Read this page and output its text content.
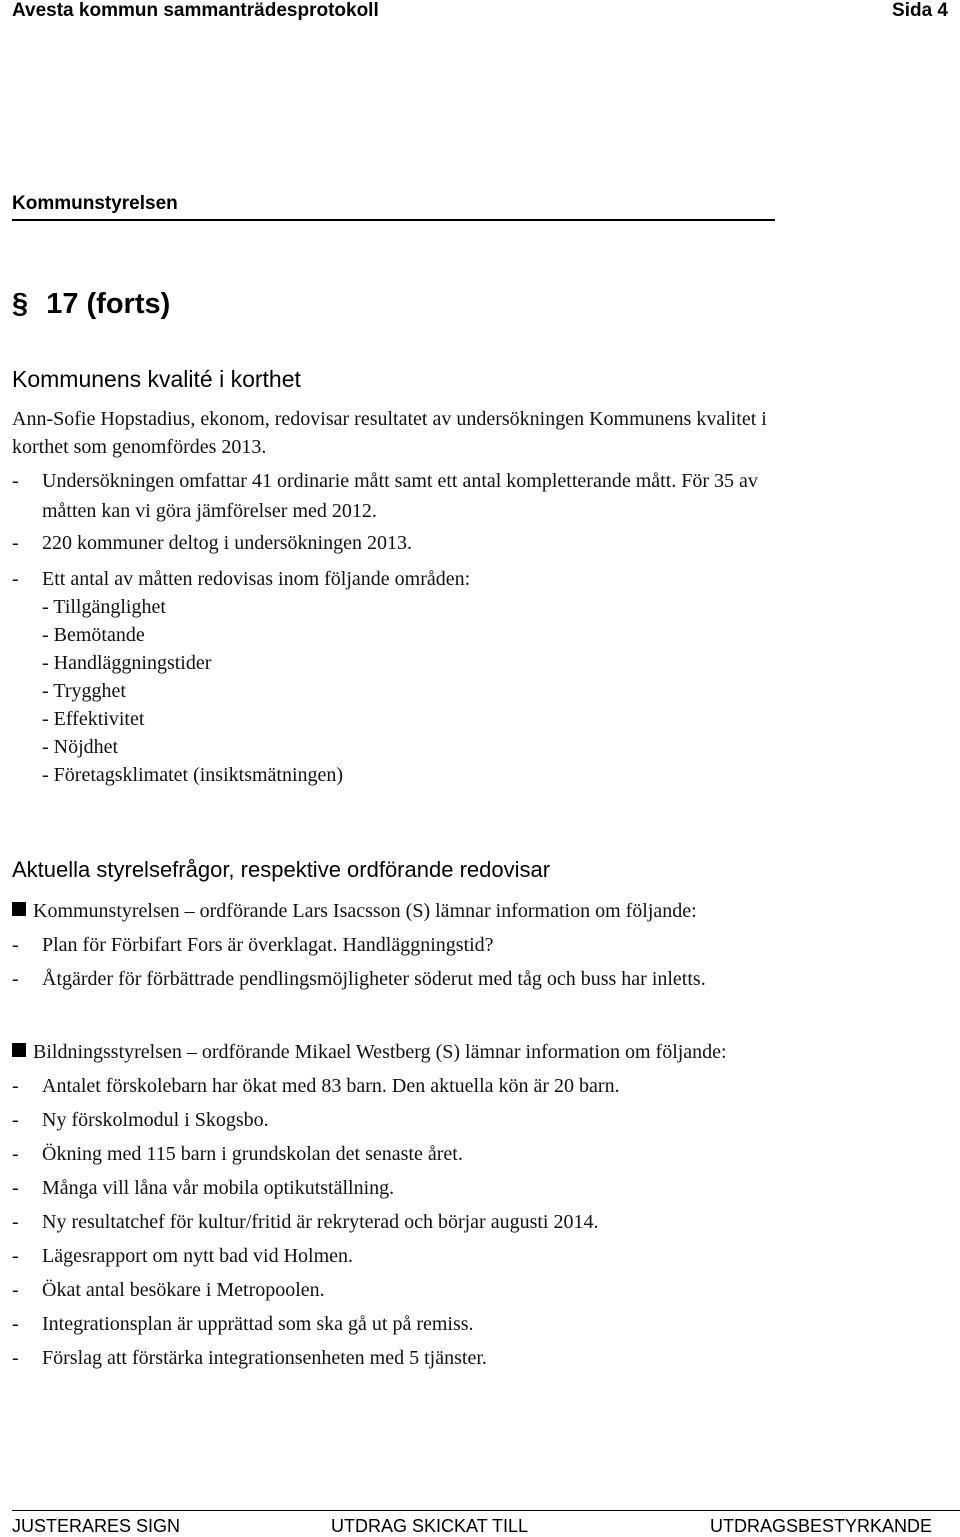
Avesta kommun sammanträdesprotokoll	Sida 4
Kommunstyrelsen
§ 17 (forts)
Kommunens kvalité i korthet
Ann-Sofie Hopstadius, ekonom, redovisar resultatet av undersökningen Kommunens kvalitet i
korthet som genomfördes 2013.
- Undersökningen omfattar 41 ordinarie mått samt ett antal kompletterande mått. För 35 av
måtten kan vi göra jämförelser med 2012.
- 220 kommuner deltog i undersökningen 2013.
- Ett antal av måtten redovisas inom följande områden:
- Tillgänglighet
- Bemötande
- Handläggningstider
- Trygghet
- Effektivitet
- Nöjdhet
- Företagsklimatet (insiktsmätningen)
Aktuella styrelsefrågor, respektive ordförande redovisar
Kommunstyrelsen – ordförande Lars Isacsson (S) lämnar information om följande:
- Plan för Förbifart Fors är överklagat. Handläggningstid?
- Åtgärder för förbättrade pendlingsmöjligheter söderut med tåg och buss har inletts.
Bildningsstyrelsen – ordförande Mikael Westberg (S) lämnar information om följande:
- Antalet förskolebarn har ökat med 83 barn. Den aktuella kön är 20 barn.
- Ny förskolmodul i Skogsbo.
- Ökning med 115 barn i grundskolan det senaste året.
- Många vill låna vår mobila optikutställning.
- Ny resultatchef för kultur/fritid är rekryterad och börjar augusti 2014.
- Lägesrapport om nytt bad vid Holmen.
- Ökat antal besökare i Metropoolen.
- Integrationsplan är upprättad som ska gå ut på remiss.
- Förslag att förstärka integrationsenheten med 5 tjänster.
JUSTERARES SIGN	UTDRAG SKICKAT TILL	UTDRAGSBESTYRKANDE
